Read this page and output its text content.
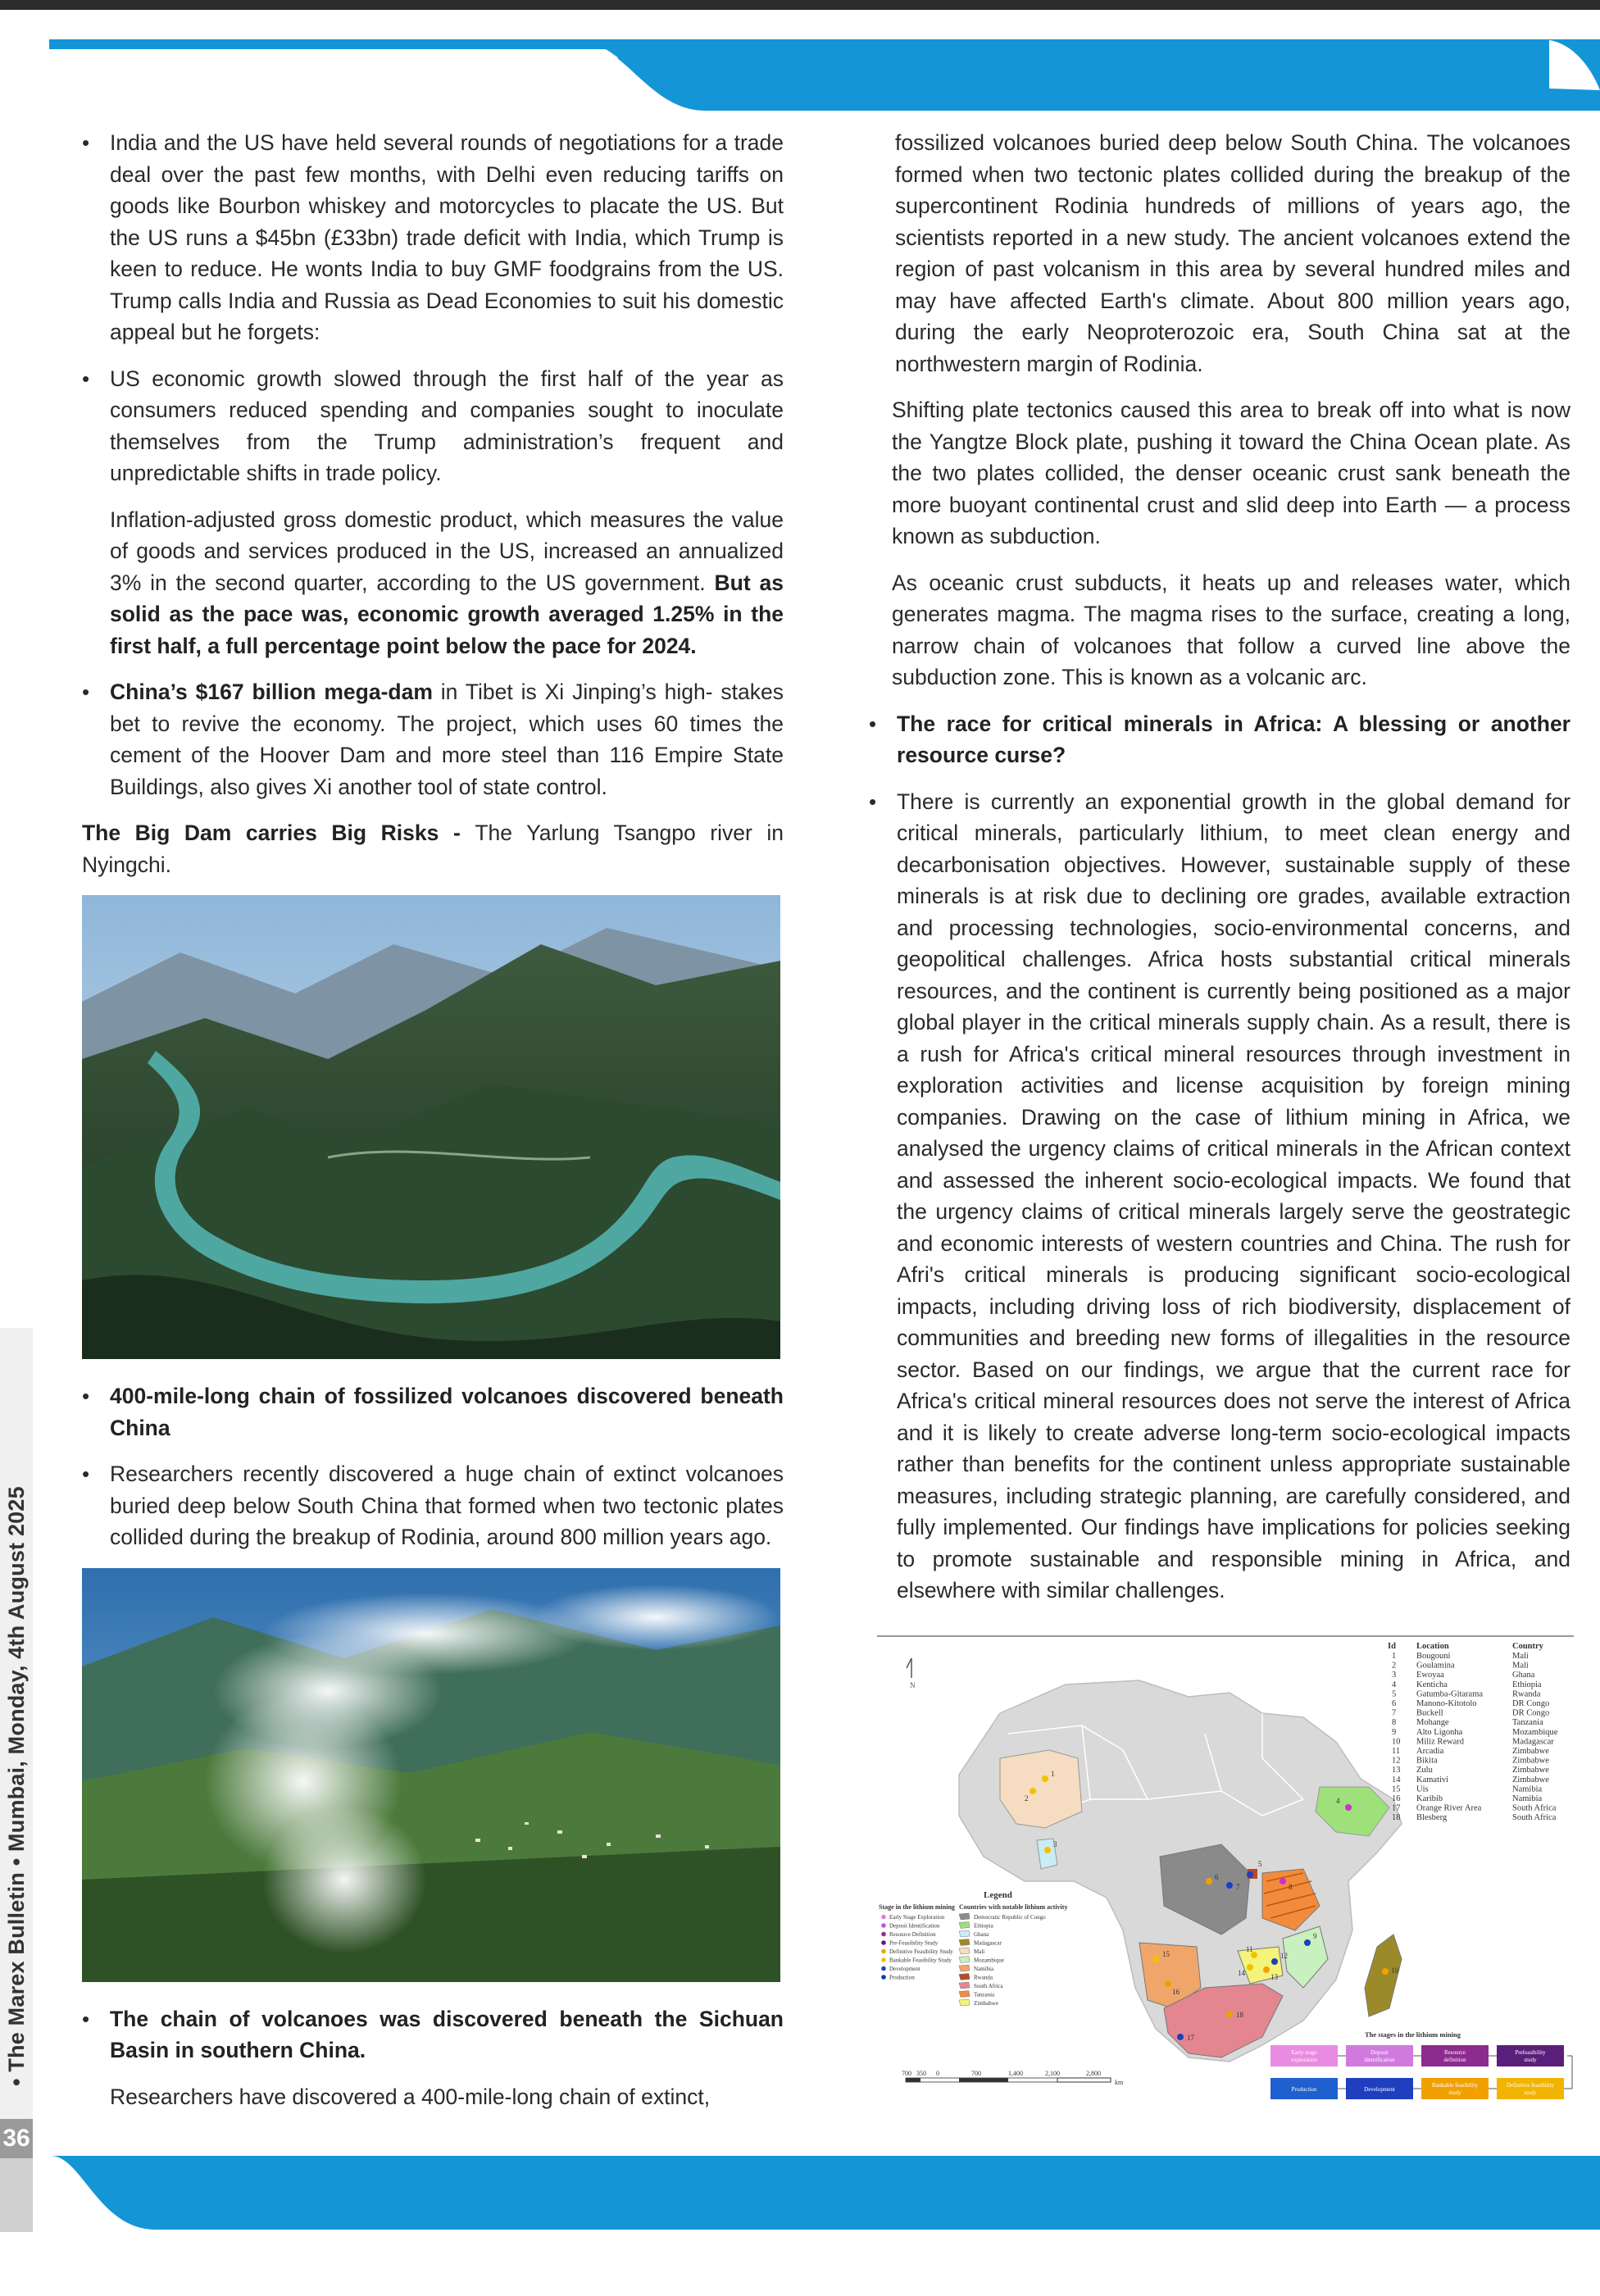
• The Marex Bulletin • Mumbai, Monday, 4th August 2025
36

• India and the US have held several rounds of negotiations for a trade deal over the past few months, with Delhi even reducing tariffs on goods like Bourbon whiskey and motorcycles to placate the US. But the US runs a $45bn (£33bn) trade deficit with India, which Trump is keen to reduce. He wonts India to buy GMF foodgrains from the US. Trump calls India and Russia as Dead Economies to suit his domestic appeal but he forgets:

• US economic growth slowed through the first half of the year as consumers reduced spending and companies sought to inoculate themselves from the Trump administration’s frequent and unpredictable shifts in trade policy.

Inflation-adjusted gross domestic product, which measures the value of goods and services produced in the US, increased an annualized 3% in the second quarter, according to the US government. But as solid as the pace was, economic growth averaged 1.25% in the first half, a full percentage point below the pace for 2024.

• China’s $167 billion mega-dam in Tibet is Xi Jinping’s high- stakes bet to revive the economy. The project, which uses 60 times the cement of the Hoover Dam and more steel than 116 Empire State Buildings, also gives Xi another tool of state control.

The Big Dam carries Big Risks - The Yarlung Tsangpo river in Nyingchi.

• 400-mile-long chain of fossilized volcanoes discovered beneath China

• Researchers recently discovered a huge chain of extinct volcanoes buried deep below South China that formed when two tectonic plates collided during the breakup of Rodinia, around 800 million years ago.

• The chain of volcanoes was discovered beneath the Sichuan Basin in southern China.

Researchers have discovered a 400-mile-long chain of extinct,

fossilized volcanoes buried deep below South China. The volcanoes formed when two tectonic plates collided during the breakup of the supercontinent Rodinia hundreds of millions of years ago, the scientists reported in a new study. The ancient volcanoes extend the region of past volcanism in this area by several hundred miles and may have affected Earth's climate. About 800 million years ago, during the early Neoproterozoic era, South China sat at the northwestern margin of Rodinia.

Shifting plate tectonics caused this area to break off into what is now the Yangtze Block plate, pushing it toward the China Ocean plate. As the two plates collided, the denser oceanic crust sank beneath the more buoyant continental crust and slid deep into Earth — a process known as subduction.

As oceanic crust subducts, it heats up and releases water, which generates magma. The magma rises to the surface, creating a long, narrow chain of volcanoes that follow a curved line above the subduction zone. This is known as a volcanic arc.

• The race for critical minerals in Africa: A blessing or another resource curse?

• There is currently an exponential growth in the global demand for critical minerals, particularly lithium, to meet clean energy and decarbonisation objectives. However, sustainable supply of these minerals is at risk due to declining ore grades, available extraction and processing technologies, socio-environmental concerns, and geopolitical challenges. Africa hosts substantial critical minerals resources, and the continent is currently being positioned as a major global player in the critical minerals supply chain. As a result, there is a rush for Africa's critical mineral resources through investment in exploration activities and license acquisition by foreign mining companies. Drawing on the case of lithium mining in Africa, we analysed the urgency claims of critical minerals in the African context and assessed the inherent socio-ecological impacts. We found that the urgency claims of critical minerals largely serve the geostrategic and economic interests of western countries and China. The rush for Afri's critical minerals is producing significant socio-ecological impacts, including driving loss of rich biodiversity, displacement of communities and breeding new forms of illegalities in the resource sector. Based on our findings, we argue that the current race for Africa's critical mineral resources does not serve the interest of Africa and it is likely to create adverse long-term socio-ecological impacts rather than benefits for the continent unless appropriate sustainable measures, including strategic planning, are carefully considered, and fully implemented. Our findings have implications for policies seeking to promote sustainable and responsible mining in Africa, and elsewhere with similar challenges.

N
1
2
3
4
5
6
7	8
9
10
11
12
13
14
15
16
17
18
Id Location	Country
1 Bougouni	Mali
2 Goulamina	Mali
3 Ewoyaa	Ghana
4 Kenticha	Ethiopia
5 Gatumba-Gitarama	Rwanda
6 Manono-Kitotolo	DR Congo
7 Buckell	DR Congo
8 Mohange	Tanzania
9 Alto Ligonha	Mozambique
10 Miliz Reward	Madagascar
11 Arcadia	Zimbabwe
12 Bikita	Zimbabwe
13 Zulu	Zimbabwe
14 Kamativi	Zimbabwe
15 Uis	Namibia
16 Karibib	Namibia
17 Orange River Area	South Africa
18 Blesberg	South Africa
Legend
Stage in the lithium mining Countries with notable lithium activity
Early Stage Exploration
Deposit Identification
Resource Definition
Pre-Feasibility Study
Definitive Feasibility Study
Bankable Feasibility Study
Development
Production
Democratic Republic of Congo
Ethiopia
Ghana
Madagascar
Mali
Mozambique
Namibia
Rwanda
South Africa
Tanzania
Zimbabwe
700 350 0	700	1,400	2,100	2,800
km
The stages in the lithium mining
Early stage exploration
Deposit identification
Resource definition
Prefeasibility study
Production	Development
Bankable feasibility study
Definitive feasibility study
